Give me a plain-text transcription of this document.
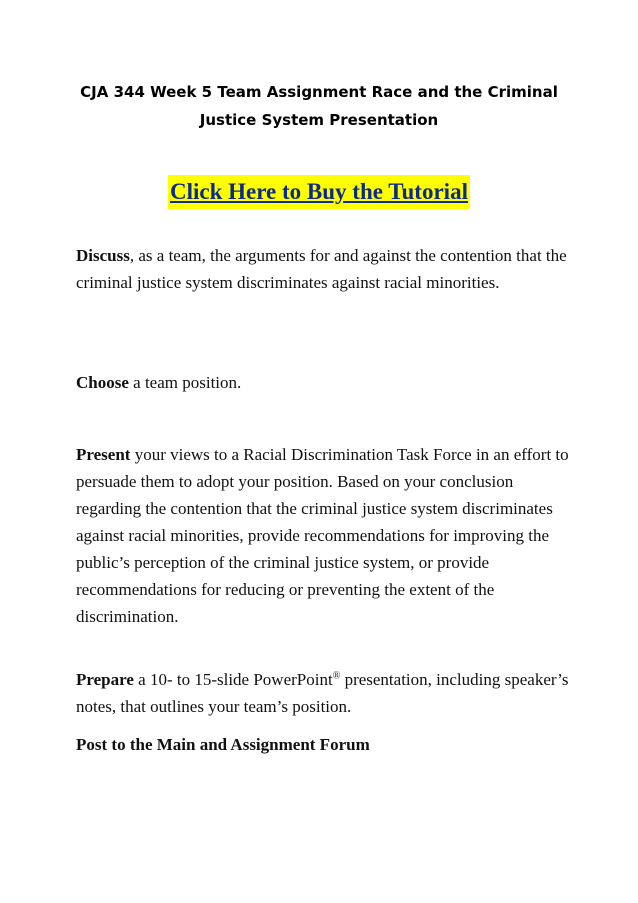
CJA 344 Week 5 Team Assignment Race and the Criminal
Justice System Presentation

Click Here to Buy the Tutorial

Discuss, as a team, the arguments for and against the contention that the criminal justice system discriminates against racial minorities.

Choose a team position.

Present your views to a Racial Discrimination Task Force in an effort to persuade them to adopt your position. Based on your conclusion regarding the contention that the criminal justice system discriminates against racial minorities, provide recommendations for improving the public’s perception of the criminal justice system, or provide recommendations for reducing or preventing the extent of the discrimination.

Prepare a 10- to 15-slide PowerPoint® presentation, including speaker’s notes, that outlines your team’s position.

Post to the Main and Assignment Forum
